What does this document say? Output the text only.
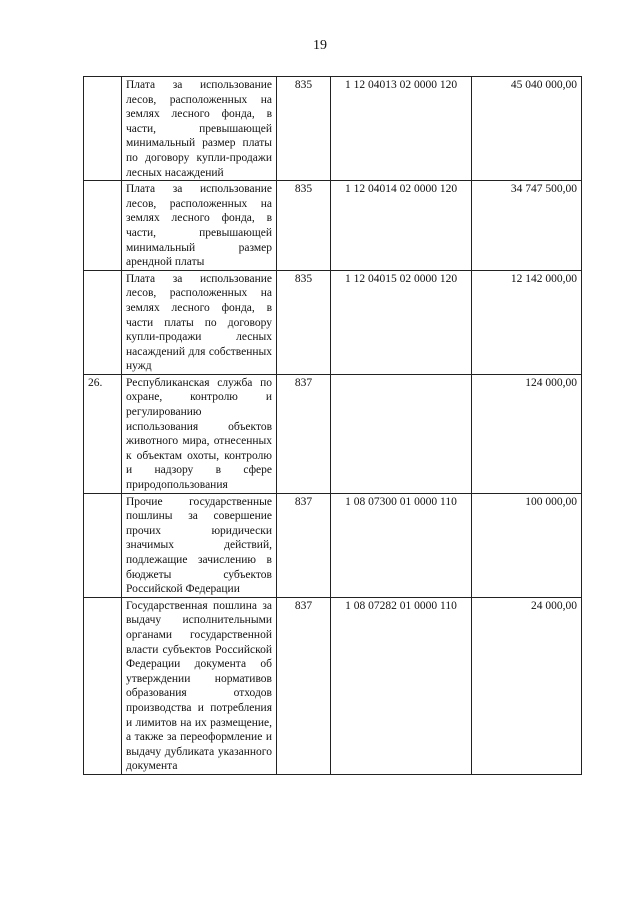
19
	Плата за использование лесов, расположенных на землях лесного фонда, в части, превышающей минимальный размер платы по договору купли-продажи лесных насаждений	835	1 12 04013 02 0000 120	45 040 000,00
	Плата за использование лесов, расположенных на землях лесного фонда, в части, превышающей минимальный размер арендной платы	835	1 12 04014 02 0000 120	34 747 500,00
	Плата за использование лесов, расположенных на землях лесного фонда, в части платы по договору купли-продажи лесных насаждений для собственных нужд	835	1 12 04015 02 0000 120	12 142 000,00
26.	Республиканская служба по охране, контролю и регулированию использования объектов животного мира, отнесенных к объектам охоты, контролю и надзору в сфере природопользования	837		124 000,00
	Прочие государственные пошлины за совершение прочих юридически значимых действий, подлежащие зачислению в бюджеты субъектов Российской Федерации	837	1 08 07300 01 0000 110	100 000,00
	Государственная пошлина за выдачу исполнительными органами государственной власти субъектов Российской Федерации документа об утверждении нормативов образования отходов производства и потребления и лимитов на их размещение, а также за переоформление и выдачу дубликата указанного документа	837	1 08 07282 01 0000 110	24 000,00
